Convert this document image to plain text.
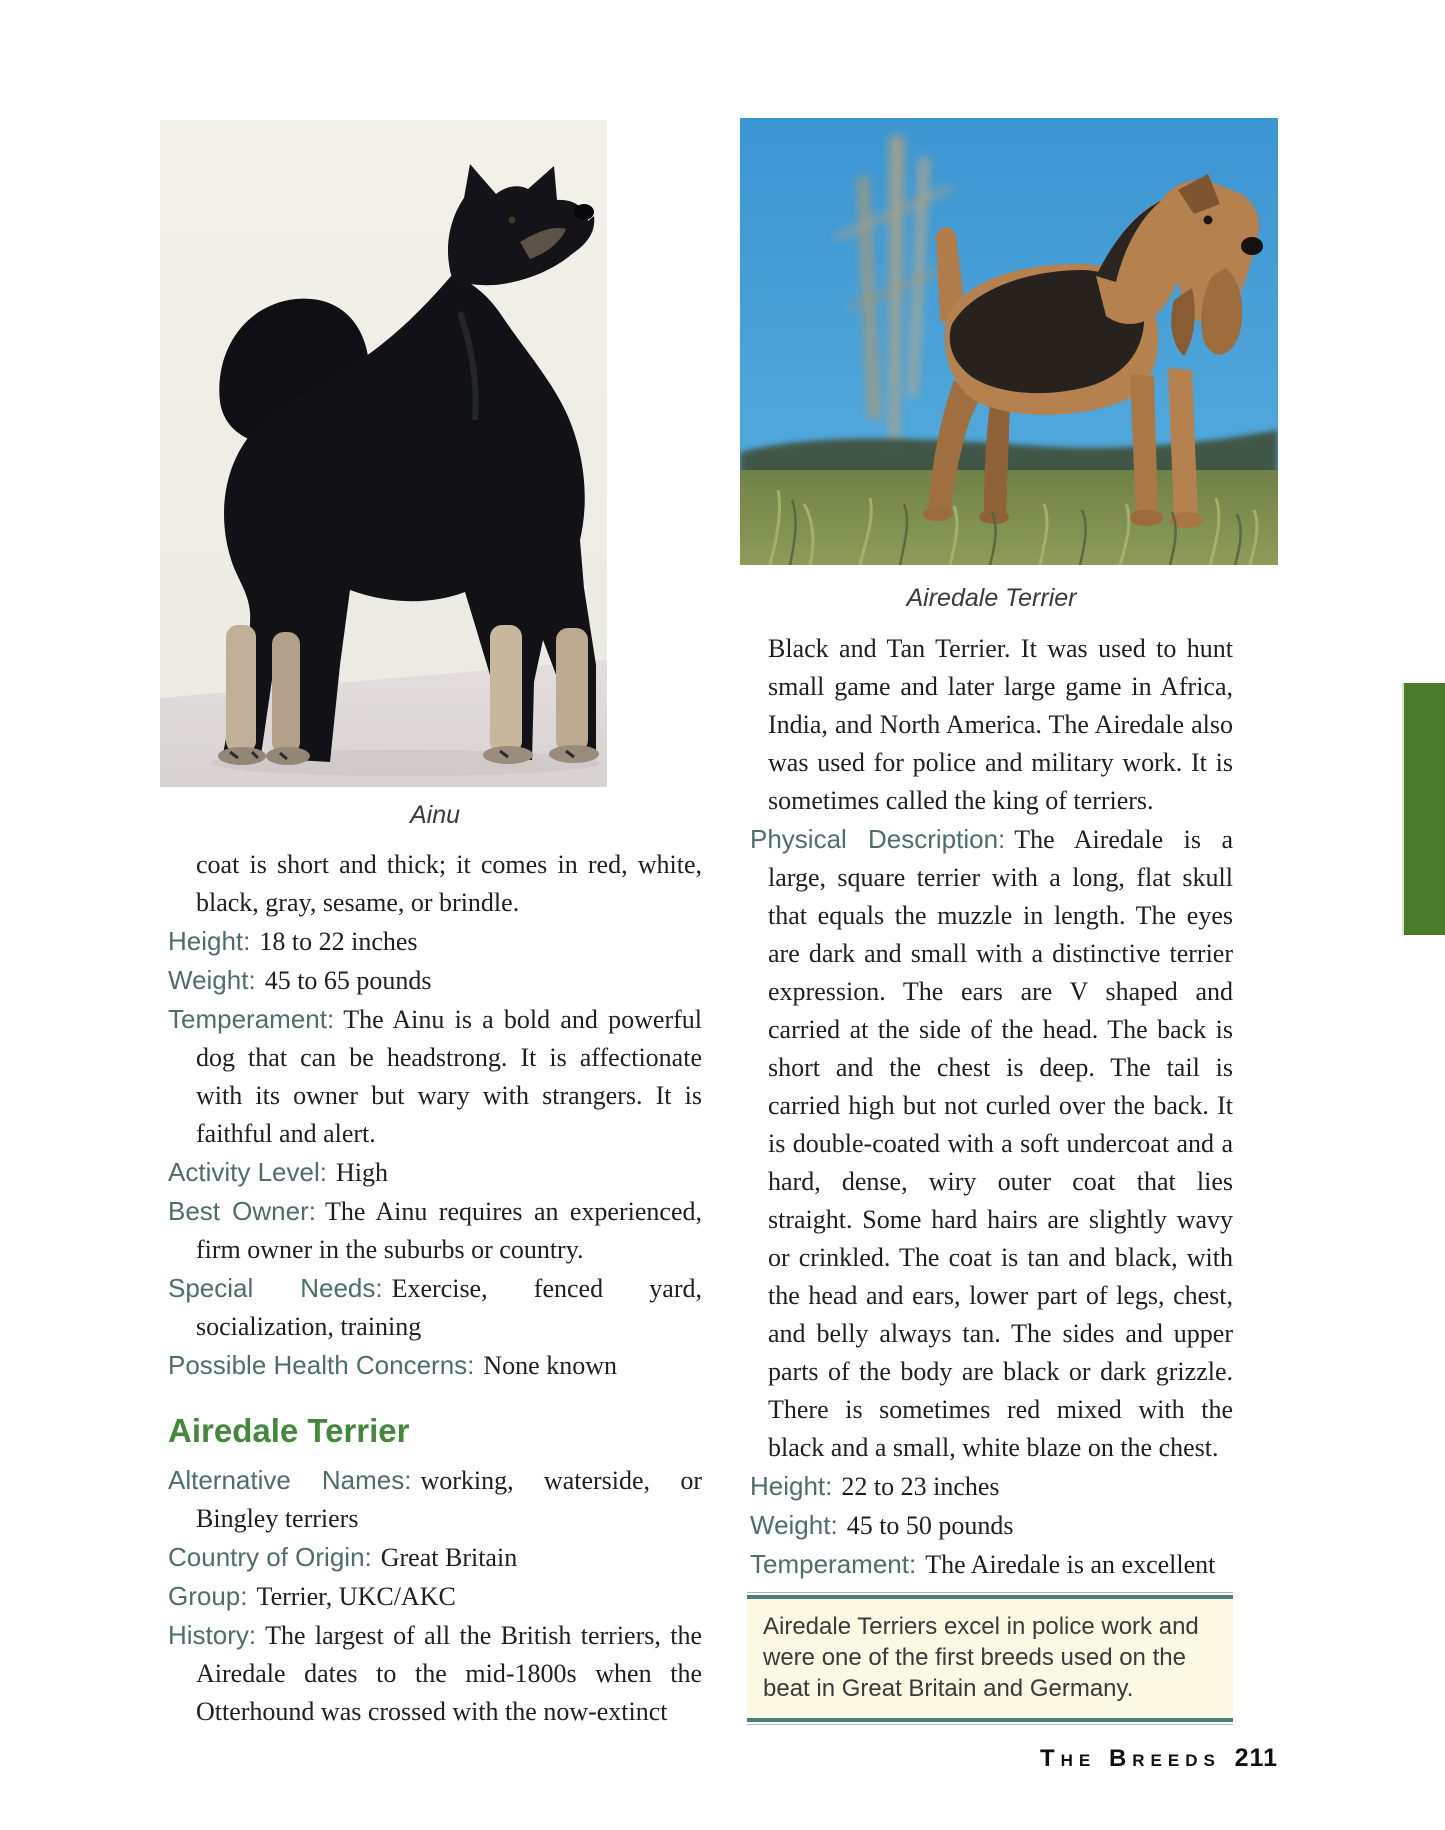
Ainu
Airedale Terrier

coat is short and thick; it comes in red, white, black, gray, sesame, or brindle.

Height: 18 to 22 inches

Weight: 45 to 65 pounds

Temperament: The Ainu is a bold and powerful dog that can be headstrong. It is affectionate with its owner but wary with strangers. It is faithful and alert.

Activity Level: High

Best Owner: The Ainu requires an experienced, firm owner in the suburbs or country.

Special Needs: Exercise, fenced yard, socialization, training

Possible Health Concerns: None known

Airedale Terrier

Alternative Names: working, waterside, or Bingley terriers

Country of Origin: Great Britain

Group: Terrier, UKC/AKC

History: The largest of all the British terriers, the Airedale dates to the mid-1800s when the Otterhound was crossed with the now-extinct

Black and Tan Terrier. It was used to hunt small game and later large game in Africa, India, and North America. The Airedale also was used for police and military work. It is sometimes called the king of terriers.

Physical Description: The Airedale is a large, square terrier with a long, flat skull that equals the muzzle in length. The eyes are dark and small with a distinctive terrier expression. The ears are V shaped and carried at the side of the head. The back is short and the chest is deep. The tail is carried high but not curled over the back. It is double-coated with a soft undercoat and a hard, dense, wiry outer coat that lies straight. Some hard hairs are slightly wavy or crinkled. The coat is tan and black, with the head and ears, lower part of legs, chest, and belly always tan. The sides and upper parts of the body are black or dark grizzle. There is sometimes red mixed with the black and a small, white blaze on the chest.

Height: 22 to 23 inches

Weight: 45 to 50 pounds

Temperament: The Airedale is an excellent

Airedale Terriers excel in police work and were one of the first breeds used on the beat in Great Britain and Germany.
The Breeds 211
